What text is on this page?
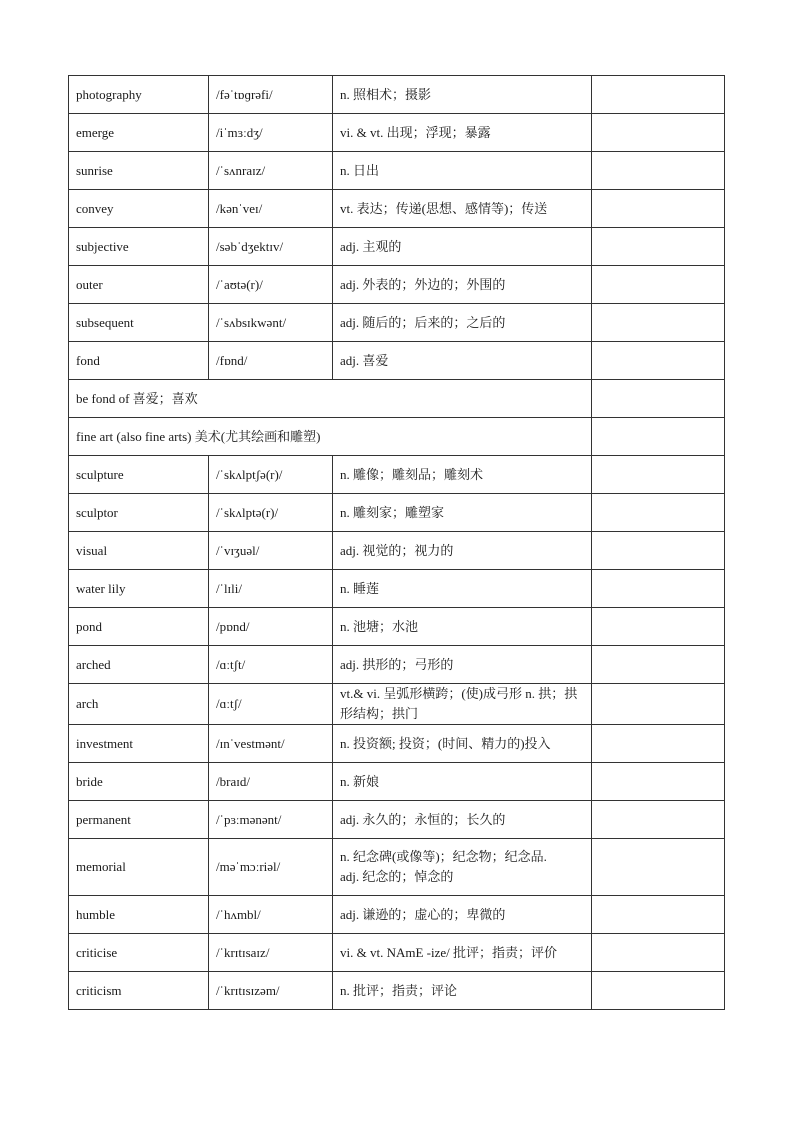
photography	/fəˈtɒɡrəfi/	n. 照相术；摄影	
emerge	/iˈmɜːdʒ/	vi. & vt. 出现；浮现；暴露	
sunrise	/ˈsʌnraɪz/	n. 日出	
convey	/kənˈveɪ/	vt. 表达；传递(思想、感情等)；传送	
subjective	/səbˈdʒektɪv/	adj. 主观的	
outer	/ˈaʊtə(r)/	adj. 外表的；外边的；外围的	
subsequent	/ˈsʌbsɪkwənt/	adj. 随后的；后来的；之后的	
fond	/fɒnd/	adj. 喜爱	
be fond of 喜爱；喜欢			
fine art (also fine arts) 美术(尤其绘画和雕塑)			
sculpture	/ˈskʌlptʃə(r)/	n. 雕像；雕刻品；雕刻术	
sculptor	/ˈskʌlptə(r)/	n. 雕刻家；雕塑家	
visual	/ˈvɪʒuəl/	adj. 视觉的；视力的	
water lily	/ˈlɪli/	n. 睡莲	
pond	/pɒnd/	n. 池塘；水池	
arched	/ɑːtʃt/	adj. 拱形的；弓形的	
arch	/ɑːtʃ/	vt.& vi. 呈弧形横跨；(使)成弓形 n. 拱；拱形结构；拱门	
investment	/ɪnˈvestmənt/	n. 投资额; 投资；(时间、精力的)投入	
bride	/braɪd/	n. 新娘	
permanent	/ˈpɜːmənənt/	adj. 永久的；永恒的；长久的	
memorial	/məˈmɔːriəl/	n. 纪念碑(或像等)；纪念物；纪念品.
adj. 纪念的；悼念的	

humble	/ˈhʌmbl/	adj. 谦逊的；虚心的；卑微的	
criticise	/ˈkrɪtɪsaɪz/	vi. & vt. NAmE -ize/ 批评；指责；评价	
criticism	/ˈkrɪtɪsɪzəm/	n. 批评；指责；评论	
